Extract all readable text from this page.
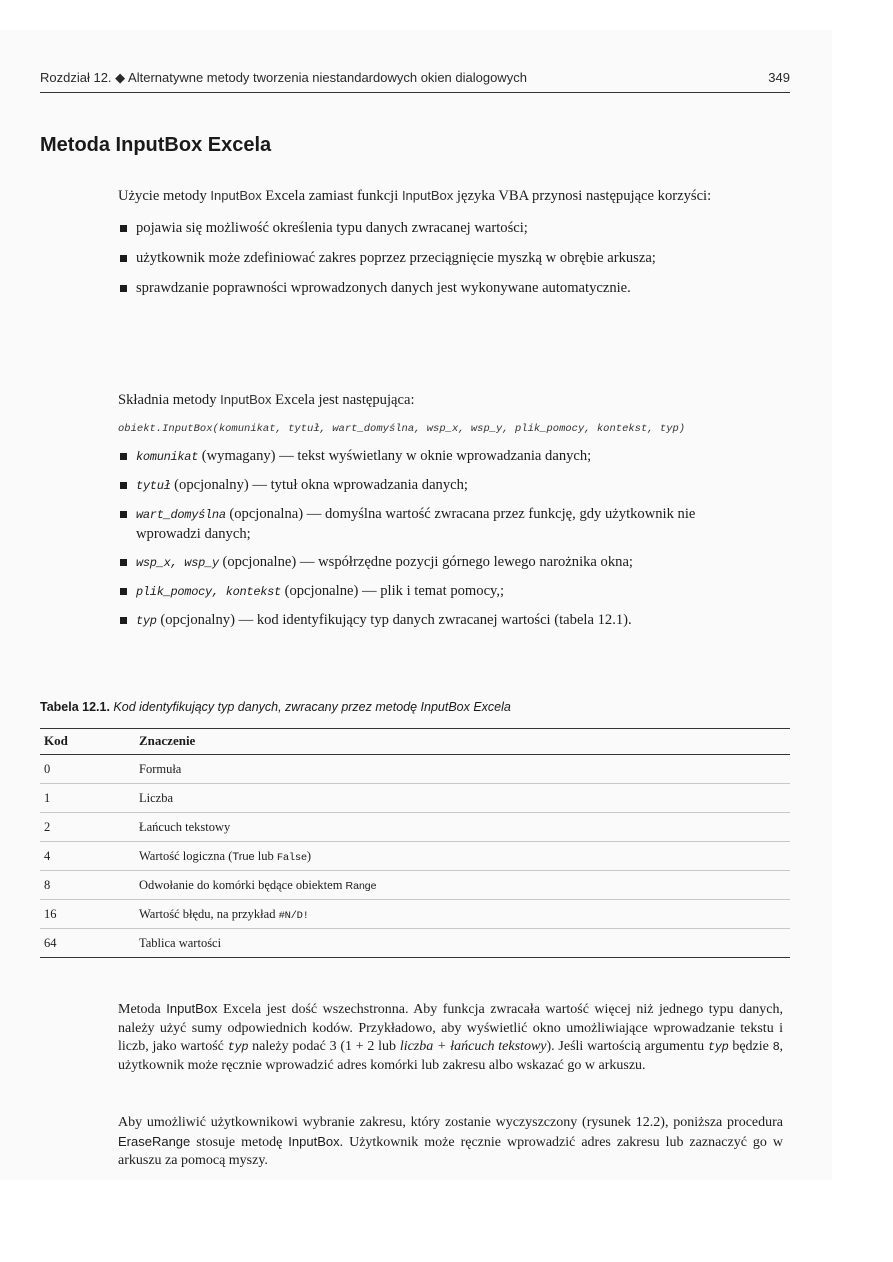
Rozdział 12. ◆ Alternatywne metody tworzenia niestandardowych okien dialogowych	349
Metoda InputBox Excela

Użycie metody InputBox Excela zamiast funkcji InputBox języka VBA przynosi następujące korzyści:

pojawia się możliwość określenia typu danych zwracanej wartości;
użytkownik może zdefiniować zakres poprzez przeciągnięcie myszką w obrębie arkusza;
sprawdzanie poprawności wprowadzonych danych jest wykonywane automatycznie.

Składnia metody InputBox Excela jest następująca:

obiekt.InputBox(komunikat, tytuł, wart_domyślna, wsp_x, wsp_y, plik_pomocy, kontekst, typ)
komunikat (wymagany) — tekst wyświetlany w oknie wprowadzania danych;
tytuł (opcjonalny) — tytuł okna wprowadzania danych;
wart_domyślna (opcjonalna) — domyślna wartość zwracana przez funkcję, gdy użytkownik nie wprowadzi danych;
wsp_x, wsp_y (opcjonalne) — współrzędne pozycji górnego lewego narożnika okna;
plik_pomocy, kontekst (opcjonalne) — plik i temat pomocy,;
typ (opcjonalny) — kod identyfikujący typ danych zwracanej wartości (tabela 12.1).
Tabela 12.1. Kod identyfikujący typ danych, zwracany przez metodę InputBox Excela
Kod	Znaczenie
0	Formuła
1	Liczba
2	Łańcuch tekstowy
4	Wartość logiczna (True lub False)
8	Odwołanie do komórki będące obiektem Range
16	Wartość błędu, na przykład #N/D!
64	Tablica wartości
Metoda InputBox Excela jest dość wszechstronna. Aby funkcja zwracała wartość więcej niż jednego typu danych, należy użyć sumy odpowiednich kodów. Przykładowo, aby wyświetlić okno umożliwiające wprowadzanie tekstu i liczb, jako wartość typ należy podać 3 (1 + 2 lub liczba + łańcuch tekstowy). Jeśli wartością argumentu typ będzie 8, użytkownik może ręcznie wprowadzić adres komórki lub zakresu albo wskazać go w arkuszu.
Aby umożliwić użytkownikowi wybranie zakresu, który zostanie wyczyszczony (rysunek 12.2), poniższa procedura EraseRange stosuje metodę InputBox. Użytkownik może ręcznie wprowadzić adres zakresu lub zaznaczyć go w arkuszu za pomocą myszy.
